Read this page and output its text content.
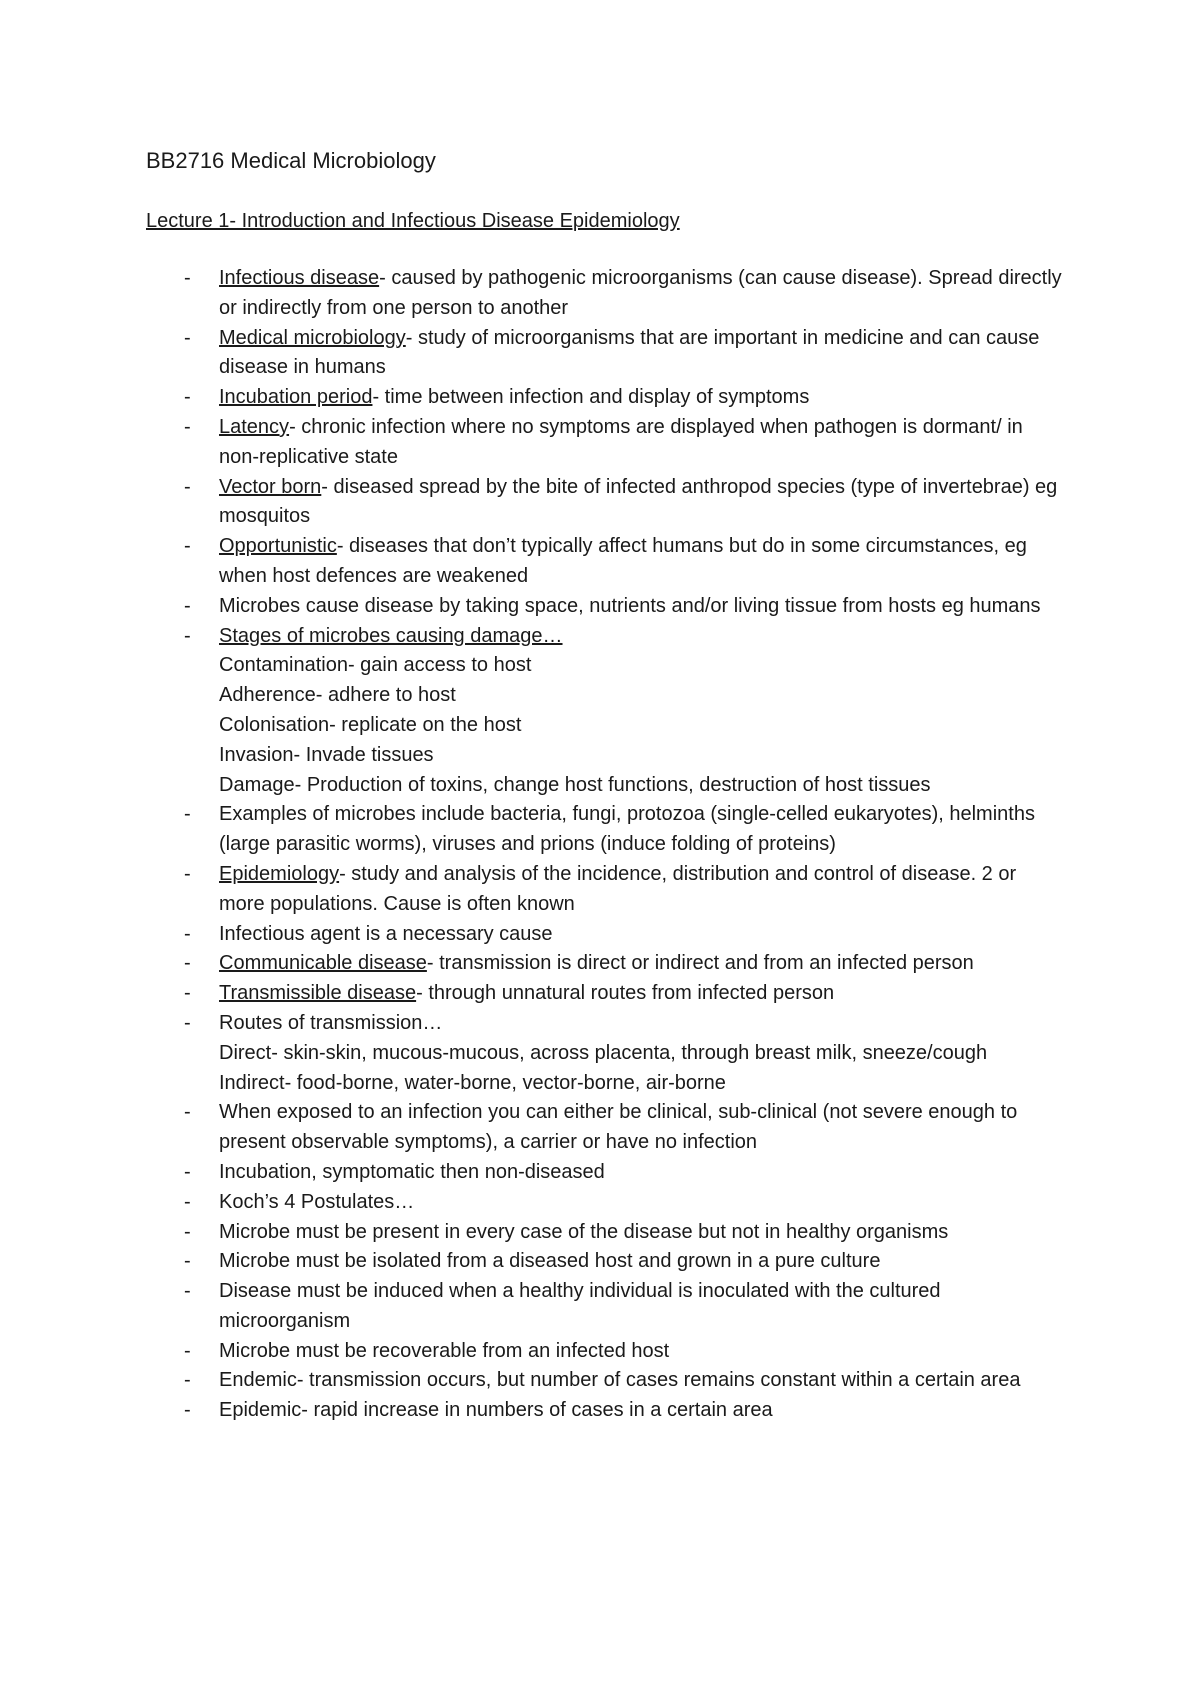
BB2716 Medical Microbiology
Lecture 1- Introduction and Infectious Disease Epidemiology
- Infectious disease- caused by pathogenic microorganisms (can cause disease). Spread directly or indirectly from one person to another
- Medical microbiology- study of microorganisms that are important in medicine and can cause disease in humans
- Incubation period- time between infection and display of symptoms
- Latency- chronic infection where no symptoms are displayed when pathogen is dormant/ in non-replicative state
- Vector born- diseased spread by the bite of infected anthropod species (type of invertebrae) eg mosquitos
- Opportunistic- diseases that don’t typically affect humans but do in some circumstances, eg when host defences are weakened
- Microbes cause disease by taking space, nutrients and/or living tissue from hosts eg humans
- Stages of microbes causing damage…
Contamination- gain access to host
Adherence- adhere to host
Colonisation- replicate on the host
Invasion- Invade tissues
Damage- Production of toxins, change host functions, destruction of host tissues
- Examples of microbes include bacteria, fungi, protozoa (single-celled eukaryotes), helminths (large parasitic worms), viruses and prions (induce folding of proteins)
- Epidemiology- study and analysis of the incidence, distribution and control of disease. 2 or more populations. Cause is often known
- Infectious agent is a necessary cause
- Communicable disease- transmission is direct or indirect and from an infected person
- Transmissible disease- through unnatural routes from infected person
- Routes of transmission…
Direct- skin-skin, mucous-mucous, across placenta, through breast milk, sneeze/cough
Indirect- food-borne, water-borne, vector-borne, air-borne
- When exposed to an infection you can either be clinical, sub-clinical (not severe enough to present observable symptoms), a carrier or have no infection
- Incubation, symptomatic then non-diseased
- Koch’s 4 Postulates…
- Microbe must be present in every case of the disease but not in healthy organisms
- Microbe must be isolated from a diseased host and grown in a pure culture
- Disease must be induced when a healthy individual is inoculated with the cultured microorganism
- Microbe must be recoverable from an infected host
- Endemic- transmission occurs, but number of cases remains constant within a certain area
- Epidemic- rapid increase in numbers of cases in a certain area
